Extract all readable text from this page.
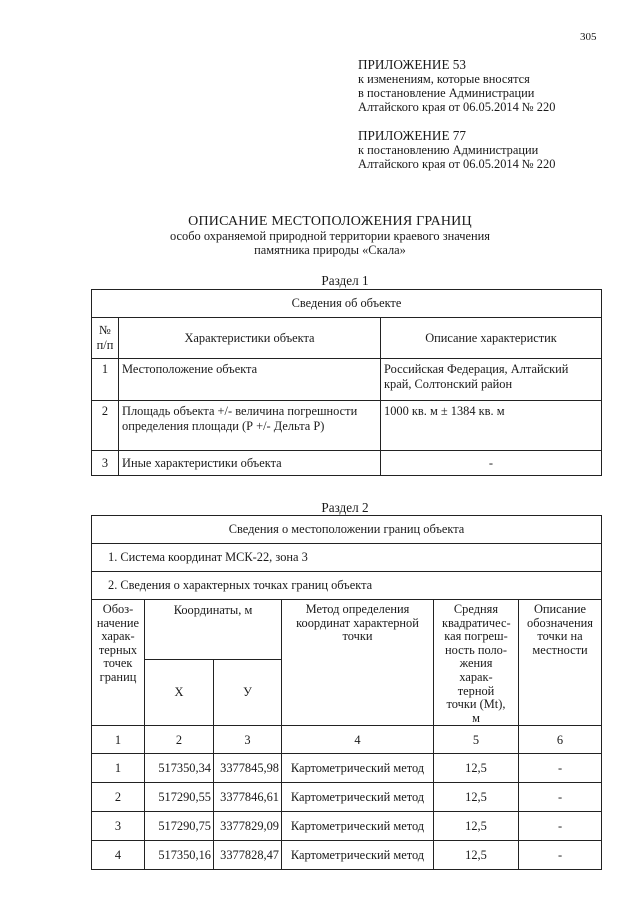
305
ПРИЛОЖЕНИЕ 53
к изменениям, которые вносятся
в постановление Администрации
Алтайского края от 06.05.2014 № 220
ПРИЛОЖЕНИЕ 77
к постановлению Администрации
Алтайского края от 06.05.2014 № 220
ОПИСАНИЕ МЕСТОПОЛОЖЕНИЯ ГРАНИЦ
особо охраняемой природной территории краевого значения
памятника природы «Скала»
Раздел 1
Сведения об объекте		
№ п/п	Характеристики объекта	Описание характеристик
1	Местоположение объекта	Российская Федерация, Алтайский край, Солтонский район
2	Площадь объекта +/- величина погрешности определения площади (Р +/- Дельта Р)	1000 кв. м ± 1384 кв. м
3	Иные характеристики объекта	-
Раздел 2
Сведения о местоположении границ объекта					
1. Система координат МСК-22, зона 3					
2. Сведения о характерных точках границ объекта					
Обоз- начение харак- терных точек границ	Координаты, м		Метод определения координат характерной точки	Средняя квадратичес- кая погреш- ность поло- жения харак- терной точки (Mt), м	Описание обозначения точки на местности
	X	У			
1	2	3	4	5	6
1	517350,34	3377845,98	Картометрический метод	12,5	-
2	517290,55	3377846,61	Картометрический метод	12,5	-
3	517290,75	3377829,09	Картометрический метод	12,5	-
4	517350,16	3377828,47	Картометрический метод	12,5	-
